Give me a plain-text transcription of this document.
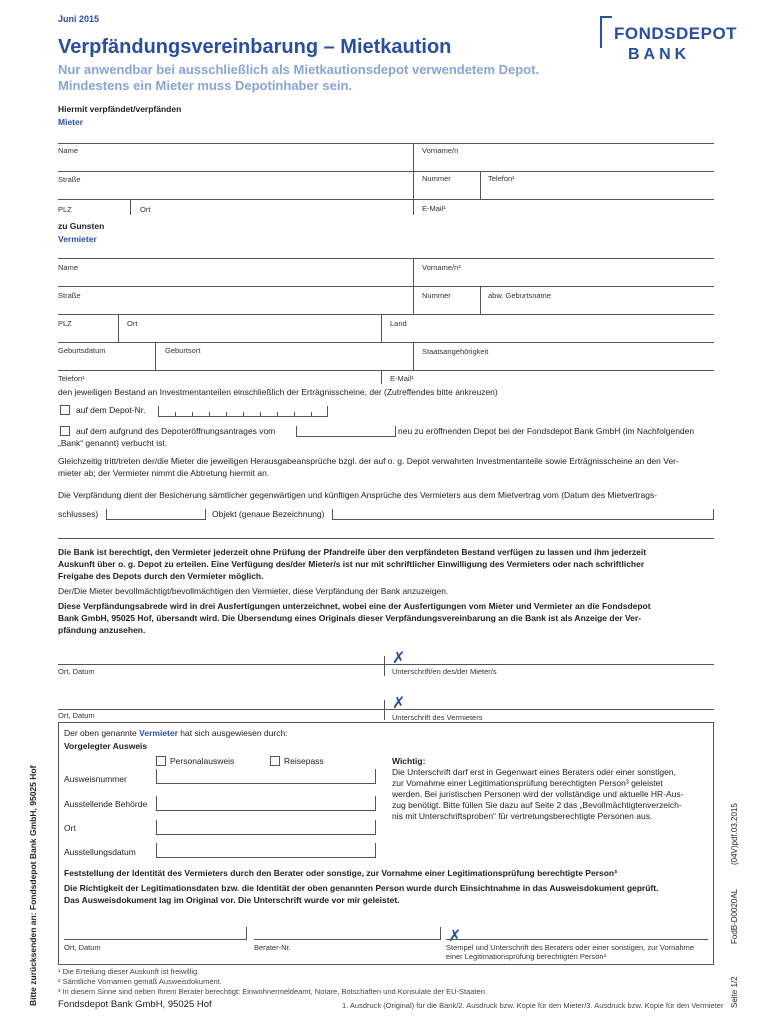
Juni 2015
Verpfändungsvereinbarung – Mietkaution
Nur anwendbar bei ausschließlich als Mietkautionsdepot verwendetem Depot.
Mindestens ein Mieter muss Depotinhaber sein.
FONDSDEPOT
BANK
Hiermit verpfändet/verpfänden
Mieter
Name	Vorname/n
Straße	Nummer	Telefon¹
PLZ	Ort	E-Mail¹
zu Gunsten
Vermieter
Name	Vorname/n²
Straße	Nummer	abw. Geburtsname
PLZ	Ort	Land
Geburtsdatum	Geburtsort	Staatsangehörigkeit
Telefon¹	E-Mail¹
den jeweiligen Bestand an Investmentanteilen einschließlich der Erträgnisscheine, der (Zutreffendes bitte ankreuzen)
auf dem Depot-Nr.
auf dem aufgrund des Depoteröffnungsantrages vom	neu zu eröffnenden Depot bei der Fondsdepot Bank GmbH (im Nachfolgenden
„Bank“ genannt) verbucht ist.
Gleichzeitig tritt/treten der/die Mieter die jeweiligen Herausgabeansprüche bzgl. der auf o. g. Depot verwahrten Investmentanteile sowie Erträgnisscheine an den Ver-
mieter ab; der Vermieter nimmt die Abtretung hiermit an.
Die Verpfändung dient der Besicherung sämtlicher gegenwärtigen und künftigen Ansprüche des Vermieters aus dem Mietvertrag vom (Datum des Mietvertrags-
schlusses)	Objekt (genaue Bezeichnung)
Die Bank ist berechtigt, den Vermieter jederzeit ohne Prüfung der Pfandreife über den verpfändeten Bestand verfügen zu lassen und ihm jederzeit
Auskunft über o. g. Depot zu erteilen. Eine Verfügung des/der Mieter/s ist nur mit schriftlicher Einwilligung des Vermieters oder nach schriftlicher
Freigabe des Depots durch den Vermieter möglich.
Der/Die Mieter bevollmächtigt/bevollmächtigen den Vermieter, diese Verpfändung der Bank anzuzeigen.
Diese Verpfändungsabrede wird in drei Ausfertigungen unterzeichnet, wobei eine der Ausfertigungen vom Mieter und Vermieter an die Fondsdepot
Bank GmbH, 95025 Hof, übersandt wird. Die Übersendung eines Originals dieser Verpfändungsvereinbarung an die Bank ist als Anzeige der Ver-
pfändung anzusehen.
✗
Ort, Datum	Unterschrift/en des/der Mieter/s
✗
Ort, Datum	Unterschrift des Vermieters
Der oben genannte Vermieter hat sich ausgewiesen durch:
Vorgelegter Ausweis
Personalausweis	Reisepass
Ausweisnummer
Ausstellende Behörde
Ort
Ausstellungsdatum
Wichtig:
Die Unterschrift darf erst in Gegenwart eines Beraters oder einer sonstigen,
zur Vornahme einer Legitimationsprüfung berechtigten Person³ geleistet
werden. Bei juristischen Personen wird der vollständige und aktuelle HR-Aus-
zug benötigt. Bitte füllen Sie dazu auf Seite 2 das „Bevollmächtigtenverzeich-
nis mit Unterschriftsproben“ für vertretungsberechtigte Personen aus.
Feststellung der Identität des Vermieters durch den Berater oder sonstige, zur Vornahme einer Legitimationsprüfung berechtigte Person³
Die Richtigkeit der Legitimationsdaten bzw. die Identität der oben genannten Person wurde durch Einsichtnahme in das Ausweisdokument geprüft.
Das Ausweisdokument lag im Original vor. Die Unterschrift wurde vor mir geleistet.
✗
Ort, Datum	Berater-Nr.	Stempel und Unterschrift des Beraters oder einer sonstigen, zur Vornahme
einer Legitimationsprüfung berechtigten Person³
¹ Die Erteilung dieser Auskunft ist freiwillig.
² Sämtliche Vornamen gemäß Ausweisdokument.
³ In diesem Sinne sind neben Ihrem Berater berechtigt: Einwohnermeldeamt, Notare, Botschaften und Konsulate der EU-Staaten.
Fondsdepot Bank GmbH, 95025 Hof	1. Ausdruck (Original) für die Bank/2. Ausdruck bzw. Kopie für den Mieter/3. Ausdruck bzw. Kopie für den Vermieter
Bitte zurücksenden an: Fondsdepot Bank GmbH, 95025 Hof	(04V)pdf.03.2015
FodB-D0020AL
Seite 1/2
